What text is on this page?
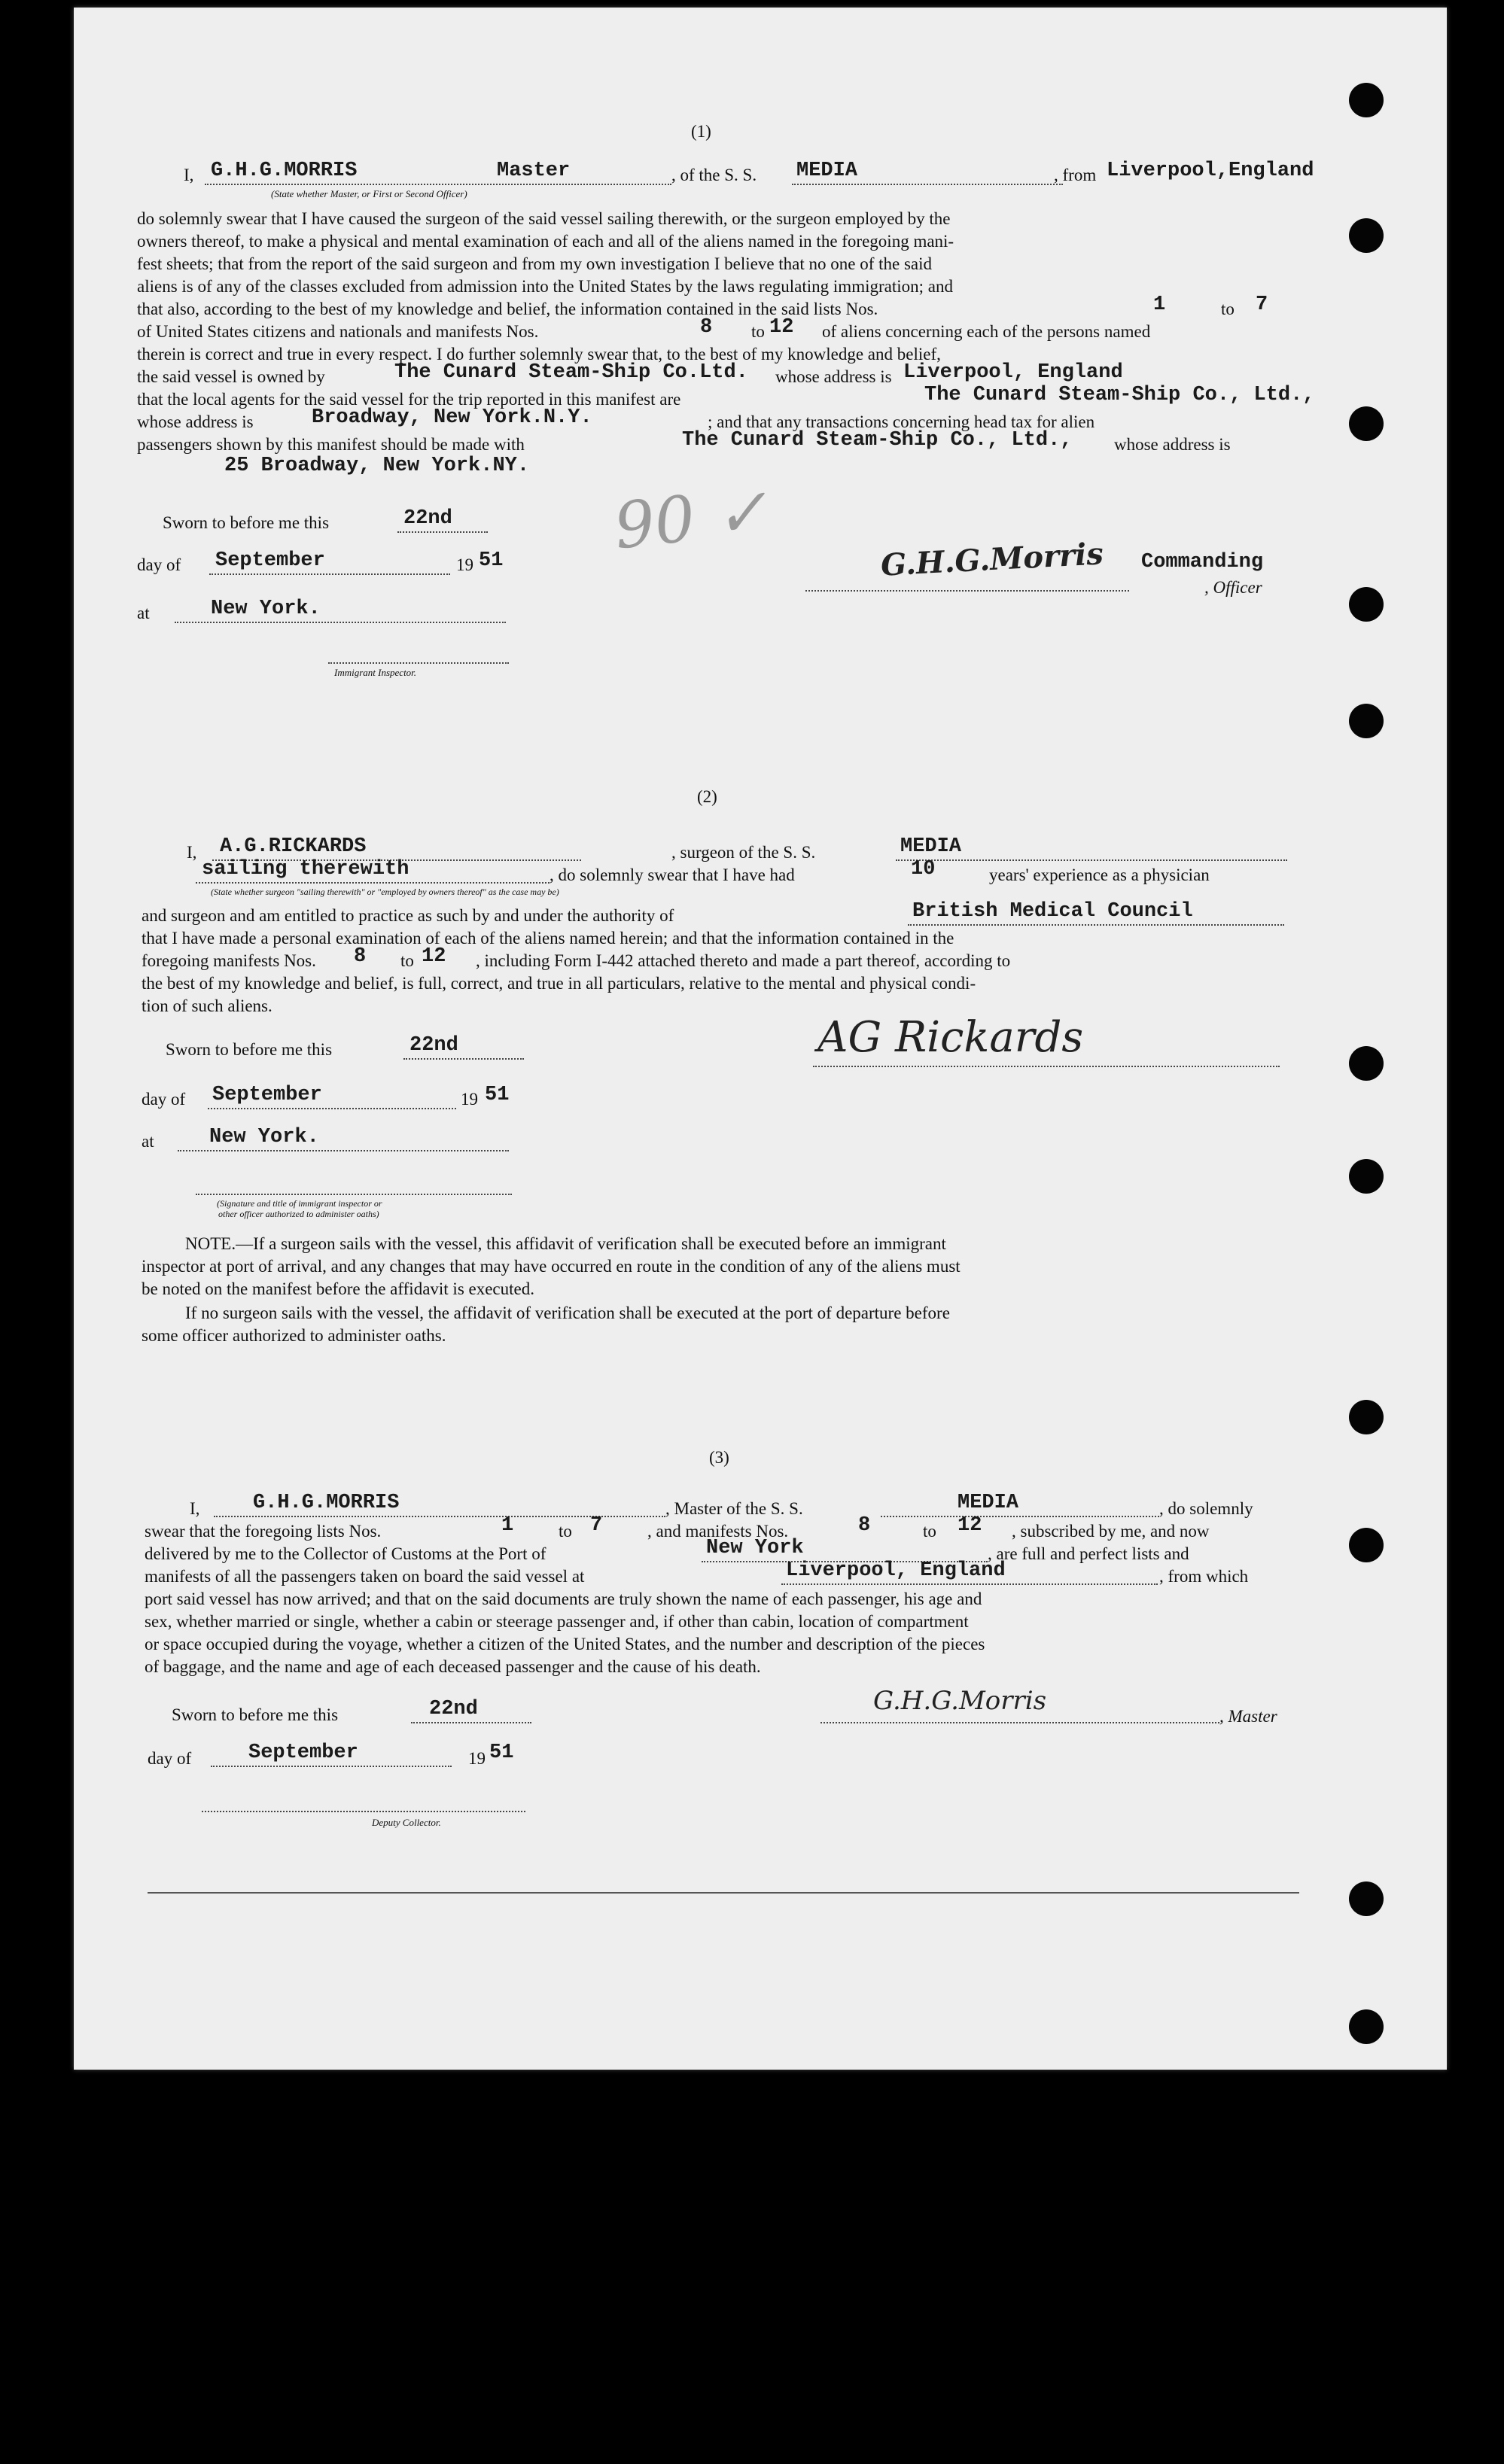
(1)
I, G.H.G.MORRIS	Master	, of the S. S. MEDIA	, from Liverpool,England
(State whether Master, or First or Second Officer)
do solemnly swear that I have caused the surgeon of the said vessel sailing therewith, or the surgeon employed by the
owners thereof, to make a physical and mental examination of each and all of the aliens named in the foregoing mani-
fest sheets; that from the report of the said surgeon and from my own investigation I believe that no one of the said
aliens is of any of the classes excluded from admission into the United States by the laws regulating immigration; and
that also, according to the best of my knowledge and belief, the information contained in the said lists Nos.	1	to 7
of United States citizens and nationals and manifests Nos.	8 to 12 of aliens concerning each of the persons named
therein is correct and true in every respect. I do further solemnly swear that, to the best of my knowledge and belief,
the said vessel is owned by	The Cunard Steam-Ship Co.Ltd. whose address is Liverpool, England
that the local agents for the said vessel for the trip reported in this manifest are	The Cunard Steam-Ship Co., Ltd.,
whose address is	Broadway, New York.N.Y.	; and that any transactions concerning head tax for alien
passengers shown by this manifest should be made with	The Cunard Steam-Ship Co., Ltd., whose address is
25 Broadway, New York.NY.
Sworn to before me this	22nd
day of September	19 51
at	New York.
Immigrant Inspector.
G.H.G.Morris Commanding
, Officer
90 ✓
(2)
I, A.G.RICKARDS	, surgeon of the S. S.	MEDIA
sailing therewith	, do solemnly swear that I have had	10	years' experience as a physician
(State whether surgeon "sailing therewith" or "employed by owners thereof" as the case may be)
and surgeon and am entitled to practice as such by and under the authority of	British Medical Council
that I have made a personal examination of each of the aliens named herein; and that the information contained in the
foregoing manifests Nos. 8 to 12 , including Form I-442 attached thereto and made a part thereof, according to
the best of my knowledge and belief, is full, correct, and true in all particulars, relative to the mental and physical condi-
tion of such aliens.
Sworn to before me this	22nd
day of September	19 51
at	New York.
(Signature and title of immigrant inspector or
other officer authorized to administer oaths)
AG Rickards
NOTE.—If a surgeon sails with the vessel, this affidavit of verification shall be executed before an immigrant
inspector at port of arrival, and any changes that may have occurred en route in the condition of any of the aliens must
be noted on the manifest before the affidavit is executed.
If no surgeon sails with the vessel, the affidavit of verification shall be executed at the port of departure before
some officer authorized to administer oaths.
(3)
I,	G.H.G.MORRIS	, Master of the S. S.	MEDIA	, do solemnly
swear that the foregoing lists Nos.	1	to 7	, and manifests Nos.	8	to 12 , subscribed by me, and now
delivered by me to the Collector of Customs at the Port of	New York	, are full and perfect lists and
manifests of all the passengers taken on board the said vessel at	Liverpool, England	, from which
port said vessel has now arrived; and that on the said documents are truly shown the name of each passenger, his age and
sex, whether married or single, whether a cabin or steerage passenger and, if other than cabin, location of compartment
or space occupied during the voyage, whether a citizen of the United States, and the number and description of the pieces
of baggage, and the name and age of each deceased passenger and the cause of his death.
Sworn to before me this	22nd
day of	September	19 51
Deputy Collector.
G.H.G.Morris
, Master
